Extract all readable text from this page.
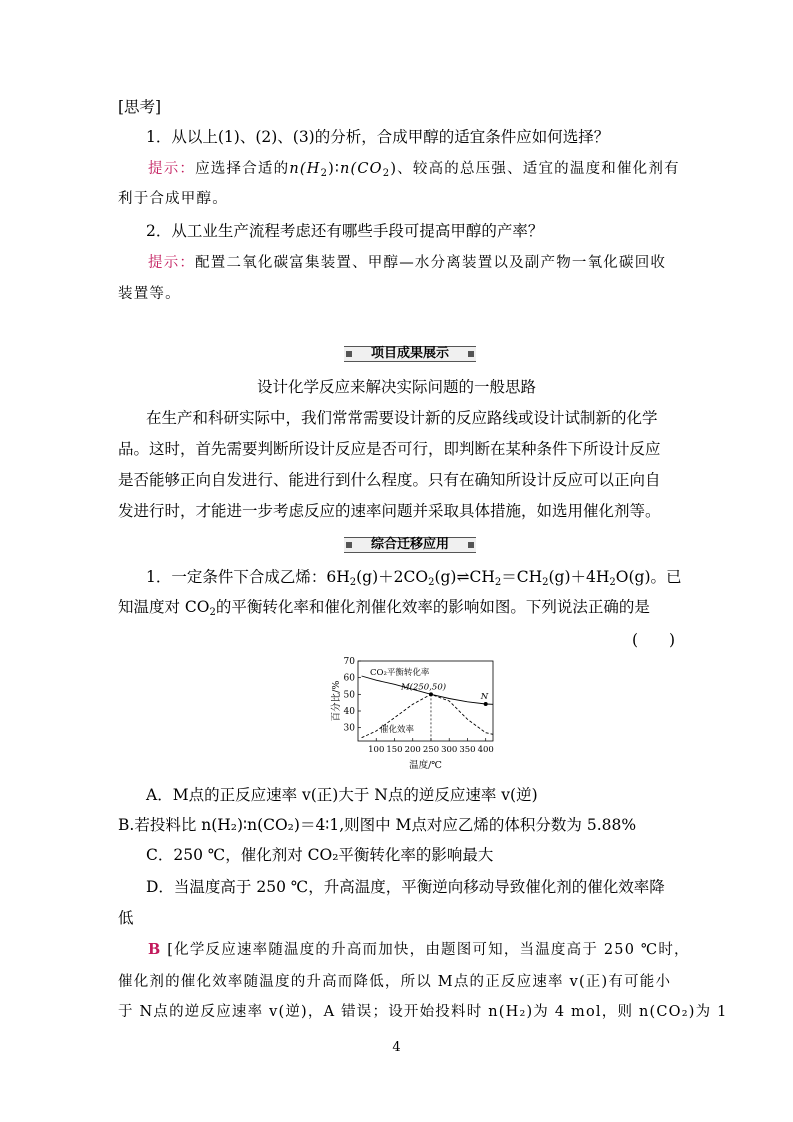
[思考]
1．从以上(1)、(2)、(3)的分析，合成甲醇的适宜条件应如何选择？
提示：应选择合适的$n(H_2)∶n(CO_2)$、较高的总压强、适宜的温度和催化剂有
利于合成甲醇。
2．从工业生产流程考虑还有哪些手段可提高甲醇的产率？
提示：配置二氧化碳富集装置、甲醇—水分离装置以及副产物一氧化碳回收
装置等。
项目成果展示
设计化学反应来解决实际问题的一般思路
在生产和科研实际中，我们常常需要设计新的反应路线或设计试制新的化学
品。这时，首先需要判断所设计反应是否可行，即判断在某种条件下所设计反应
是否能够正向自发进行、能进行到什么程度。只有在确知所设计反应可以正向自
发进行时，才能进一步考虑反应的速率问题并采取具体措施，如选用催化剂等。
综合迁移应用
1．一定条件下合成乙烯：$6H_2(g)+2CO_2(g)\rightleftharpoons CH_2=CH_2(g)+4H_2O(g)$。已
知温度对 $CO_2$的平衡转化率和催化剂催化效率的影响如图。下列说法正确的是
(　　)
30
40
50
60
70
100 150 200 250 300 350 400
温度/℃
百分比/%	M(250,50)
N
CO₂平衡转化率
催化效率
A．M点的正反应速率 v(正)大于 N点的逆反应速率 v(逆)
B.若投料比 n(H₂)∶n(CO₂)＝4∶1,则图中 M点对应乙烯的体积分数为 5.88%
C．250 ℃，催化剂对 CO₂平衡转化率的影响最大
D．当温度高于 250 ℃，升高温度，平衡逆向移动导致催化剂的催化效率降
低
B [化学反应速率随温度的升高而加快，由题图可知，当温度高于 250 ℃时，
催化剂的催化效率随温度的升高而降低，所以 M点的正反应速率 v(正)有可能小
于 N点的逆反应速率 v(逆)，A 错误；设开始投料时 n(H₂)为 4 mol，则 n(CO₂)为 1
4
